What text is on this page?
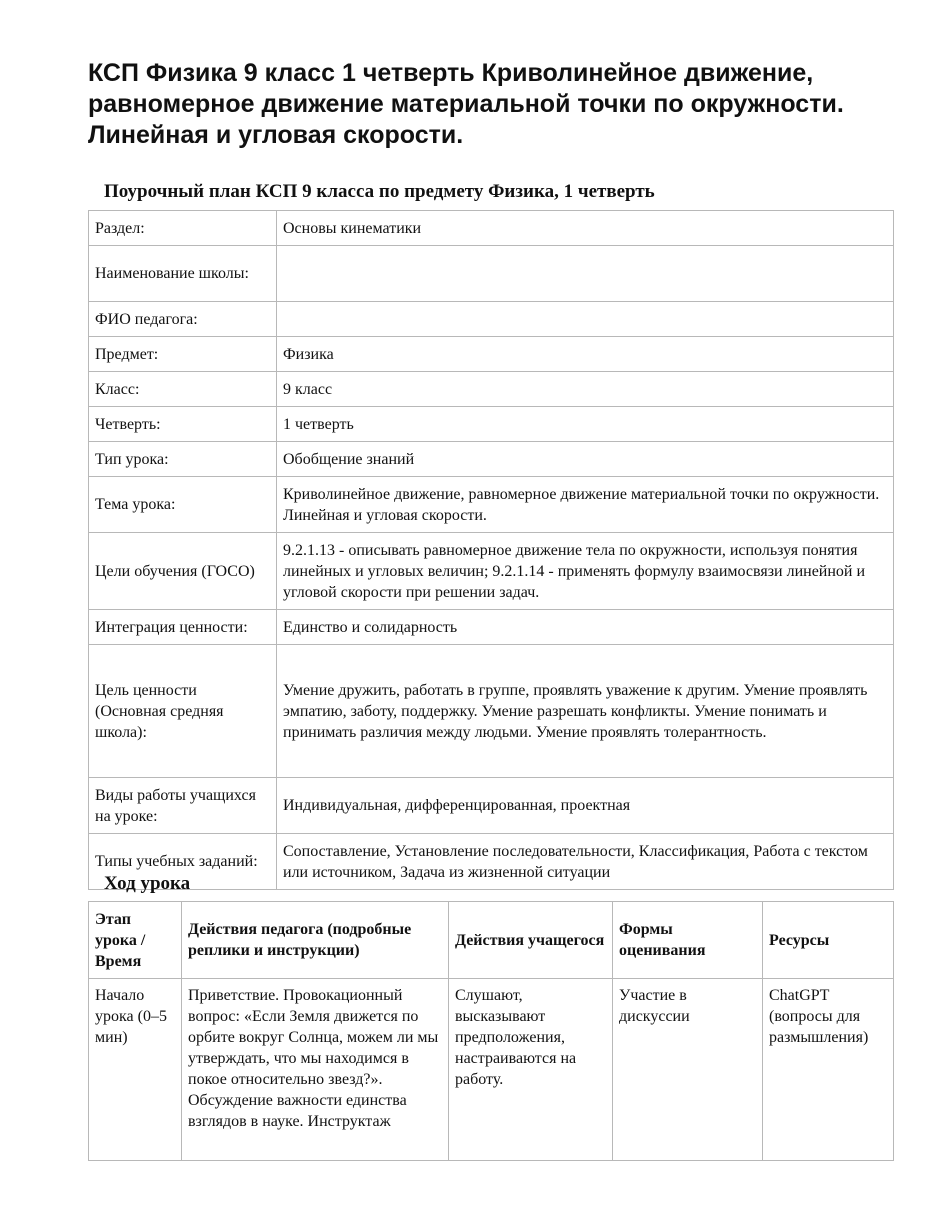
КСП Физика 9 класс 1 четверть Криволинейное движение, равномерное движение материальной точки по окружности. Линейная и угловая скорости.

Поурочный план КСП 9 класса по предмету Физика, 1 четверть

Раздел:	Основы кинематики
Наименование школы:	
ФИО педагога:	
Предмет:	Физика
Класс:	9 класс
Четверть:	1 четверть
Тип урока:	Обобщение знаний
Тема урока:	Криволинейное движение, равномерное движение материальной точки по окружности. Линейная и угловая скорости.
Цели обучения (ГОСО)	9.2.1.13 - описывать равномерное движение тела по окружности, используя понятия линейных и угловых величин; 9.2.1.14 - применять формулу взаимосвязи линейной и угловой скорости при решении задач.
Интеграция ценности:	Единство и солидарность
Цель ценности (Основная средняя школа):	Умение дружить, работать в группе, проявлять уважение к другим. Умение проявлять эмпатию, заботу, поддержку. Умение разрешать конфликты. Умение понимать и принимать различия между людьми. Умение проявлять толерантность.
Виды работы учащихся на уроке:	Индивидуальная, дифференцированная, проектная
Типы учебных заданий:	Сопоставление, Установление последовательности, Классификация, Работа с текстом или источником, Задача из жизненной ситуации

Ход урока

Этап урока / Время	Действия педагога (подробные реплики и инструкции)	Действия учащегося	Формы оценивания	Ресурсы
Начало урока (0–5 мин)	Приветствие. Провокационный вопрос: «Если Земля движется по орбите вокруг Солнца, можем ли мы утверждать, что мы находимся в покое относительно звезд?». Обсуждение важности единства взглядов в науке. Инструктаж	Слушают, высказывают предположения, настраиваются на работу.	Участие в дискуссии	ChatGPT (вопросы для размышления)
